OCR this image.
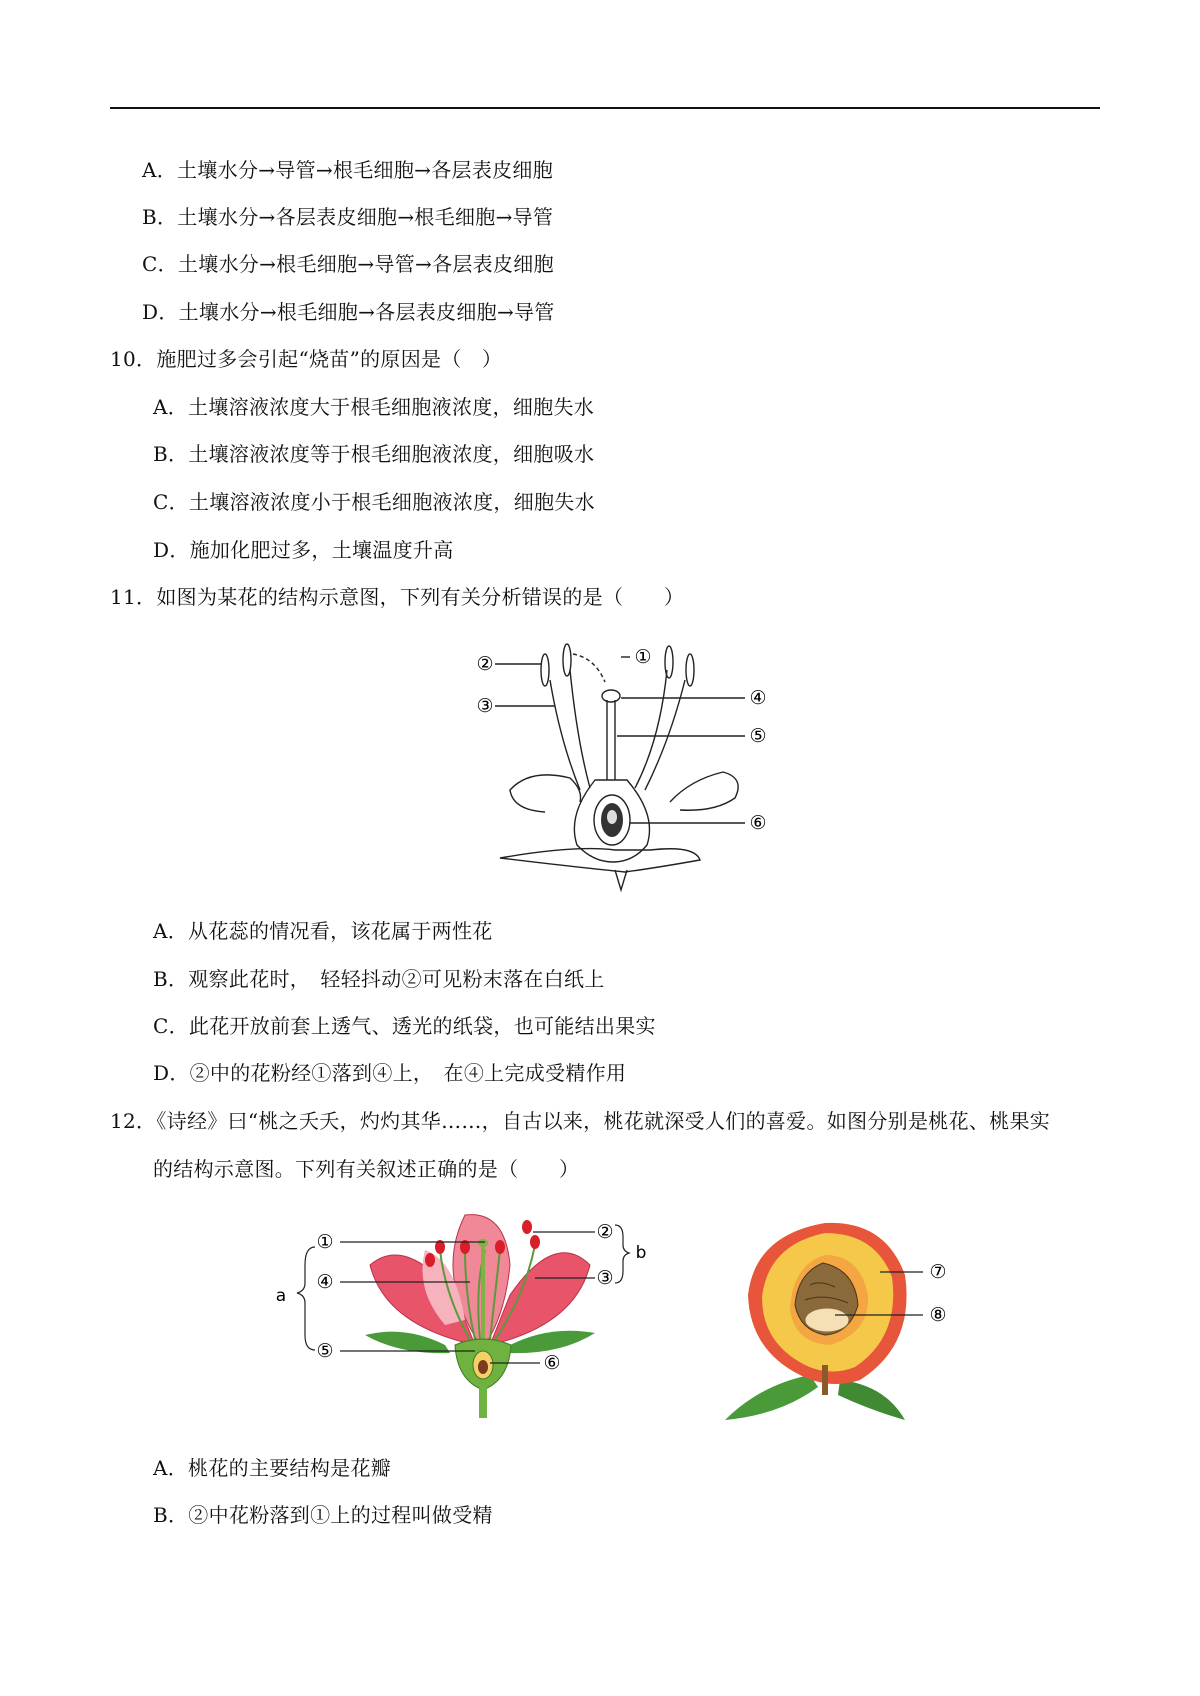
A．土壤水分→导管→根毛细胞→各层表皮细胞
B．土壤水分→各层表皮细胞→根毛细胞→导管
C．土壤水分→根毛细胞→导管→各层表皮细胞
D．土壤水分→根毛细胞→各层表皮细胞→导管
10．施肥过多会引起“烧苗”的原因是（　）
A．土壤溶液浓度大于根毛细胞液浓度，细胞失水
B．土壤溶液浓度等于根毛细胞液浓度，细胞吸水
C．土壤溶液浓度小于根毛细胞液浓度，细胞失水
D．施加化肥过多，土壤温度升高
11．如图为某花的结构示意图，下列有关分析错误的是（　　）
②
③
①
④
⑤
⑥
A．从花蕊的情况看，该花属于两性花
B．观察此花时，　轻轻抖动②可见粉末落在白纸上
C．此花开放前套上透气、透光的纸袋，也可能结出果实
D．②中的花粉经①落到④上，　在④上完成受精作用
12．《诗经》曰“桃之夭夭，灼灼其华……，自古以来，桃花就深受人们的喜爱。如图分别是桃花、桃果实
的结构示意图。下列有关叙述正确的是（　　）
①
④
⑤
a
②
③
b
⑥
⑦
⑧
A．桃花的主要结构是花瓣
B．②中花粉落到①上的过程叫做受精
